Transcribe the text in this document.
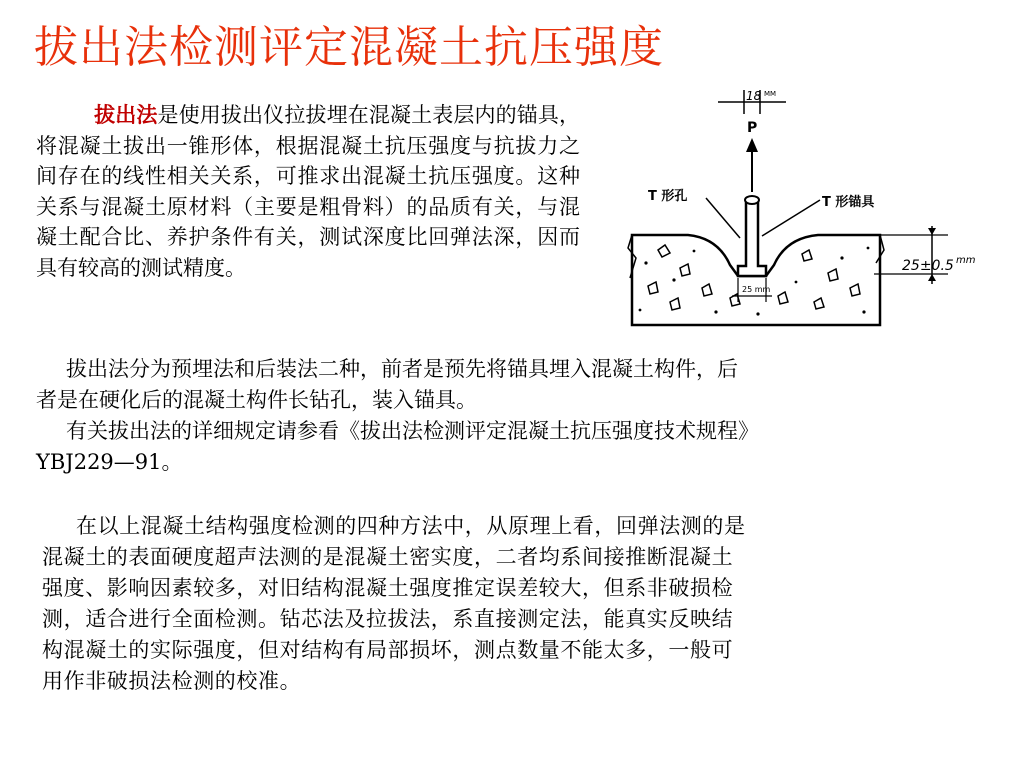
拔出法检测评定混凝土抗压强度
拔出法是使用拔出仪拉拔埋在混凝土表层内的锚具，将混凝土拔出一锥形体，根据混凝土抗压强度与抗拔力之间存在的线性相关关系，可推求出混凝土抗压强度。这种关系与混凝土原材料（主要是粗骨料）的品质有关，与混凝土配合比、养护条件有关，测试深度比回弹法深，因而具有较高的测试精度。
拔出法分为预埋法和后装法二种，前者是预先将锚具埋入混凝土构件，后
者是在硬化后的混凝土构件长钻孔，装入锚具。
有关拔出法的详细规定请参看《拔出法检测评定混凝土抗压强度技术规程》
YBJ229—91。
在以上混凝土结构强度检测的四种方法中，从原理上看，回弹法测的是
混凝土的表面硬度超声法测的是混凝土密实度，二者均系间接推断混凝土
强度、影响因素较多，对旧结构混凝土强度推定误差较大，但系非破损检
测，适合进行全面检测。钻芯法及拉拔法，系直接测定法，能真实反映结
构混凝土的实际强度，但对结构有局部损坏，测点数量不能太多，一般可
用作非破损法检测的校准。
P
18 MM
T 形孔	T 形锚具
25±0.5 mm
25 mm
